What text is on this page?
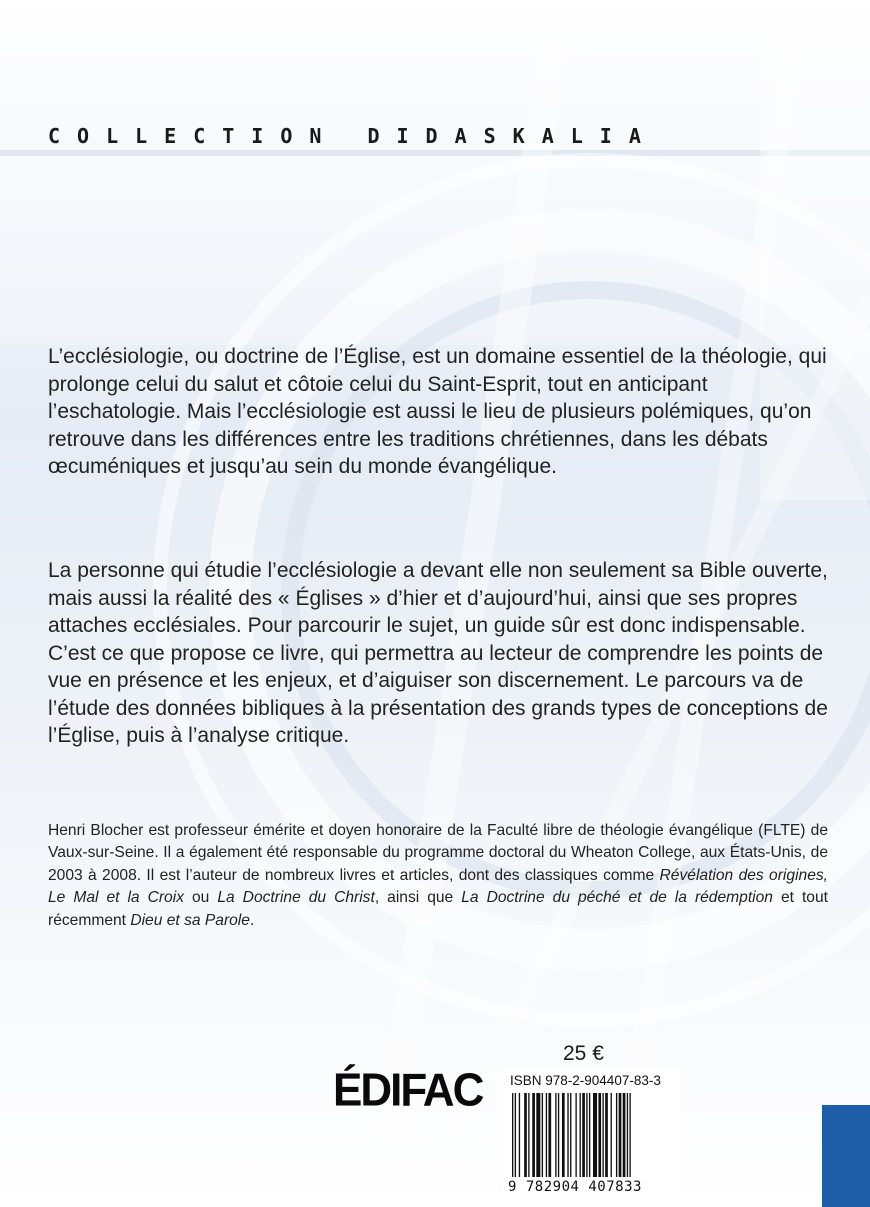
COLLECTION DIDASKALIA

L’ecclésiologie, ou doctrine de l’Église, est un domaine essentiel de la théologie, qui prolonge celui du salut et côtoie celui du Saint-Esprit, tout en anticipant l’eschatologie. Mais l’ecclésiologie est aussi le lieu de plusieurs polémiques, qu’on retrouve dans les différences entre les traditions chrétiennes, dans les débats œcuméniques et jusqu’au sein du monde évangélique.

La personne qui étudie l’ecclésiologie a devant elle non seulement sa Bible ouverte, mais aussi la réalité des « Églises » d’hier et d’aujourd’hui, ainsi que ses propres attaches ecclésiales. Pour parcourir le sujet, un guide sûr est donc indispensable. C’est ce que propose ce livre, qui permettra au lecteur de comprendre les points de vue en présence et les enjeux, et d’aiguiser son discernement. Le parcours va de l’étude des données bibliques à la présentation des grands types de conceptions de l’Église, puis à l’analyse critique.

Henri Blocher est professeur émérite et doyen honoraire de la Faculté libre de théologie évangélique (FLTE) de Vaux-sur-Seine. Il a également été responsable du programme doctoral du Wheaton College, aux États-Unis, de 2003 à 2008. Il est l’auteur de nombreux livres et articles, dont des classiques comme Révélation des origines, Le Mal et la Croix ou La Doctrine du Christ, ainsi que La Doctrine du péché et de la rédemption et tout récemment Dieu et sa Parole.

25 €
ÉDIFAC ISBN 978-2-904407-83-3
9 782904 407833
